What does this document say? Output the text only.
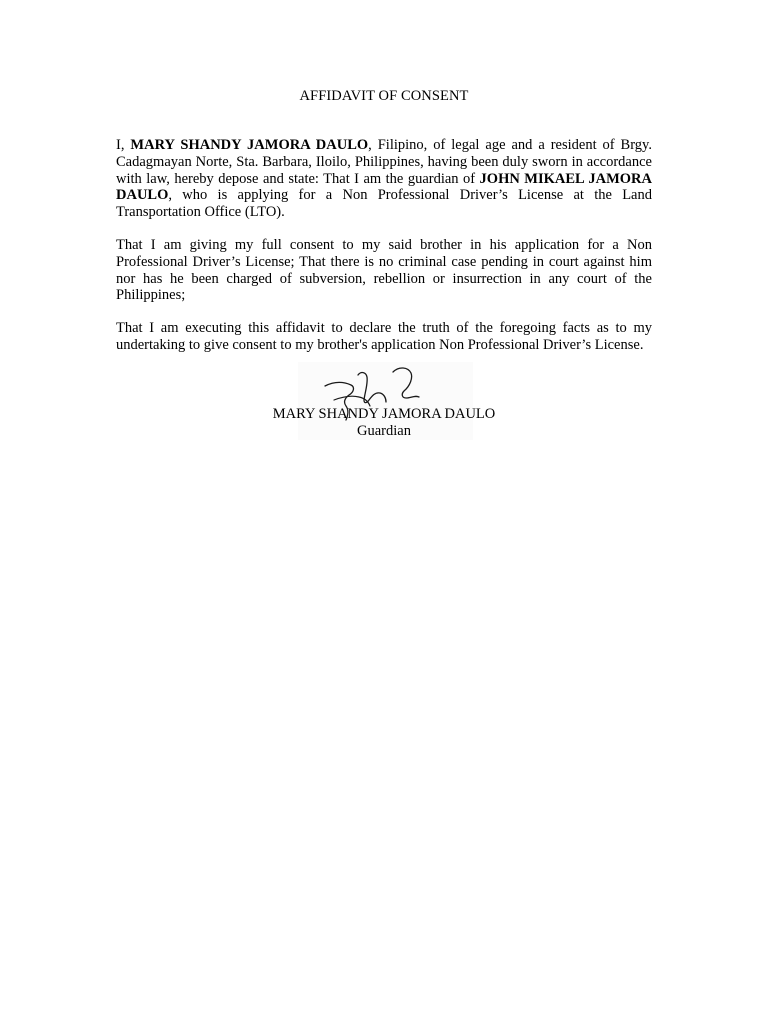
AFFIDAVIT OF CONSENT

I, MARY SHANDY JAMORA DAULO, Filipino, of legal age and a resident of Brgy. Cadagmayan Norte, Sta. Barbara, Iloilo, Philippines, having been duly sworn in accordance with law, hereby depose and state: That I am the guardian of JOHN MIKAEL JAMORA DAULO, who is applying for a Non Professional Driver’s License at the Land Transportation Office (LTO).

That I am giving my full consent to my said brother in his application for a Non Professional Driver’s License; That there is no criminal case pending in court against him nor has he been charged of subversion, rebellion or insurrection in any court of the Philippines;

That I am executing this affidavit to declare the truth of the foregoing facts as to my undertaking to give consent to my brother's application Non Professional Driver’s License.

MARY SHANDY JAMORA DAULO
Guardian
